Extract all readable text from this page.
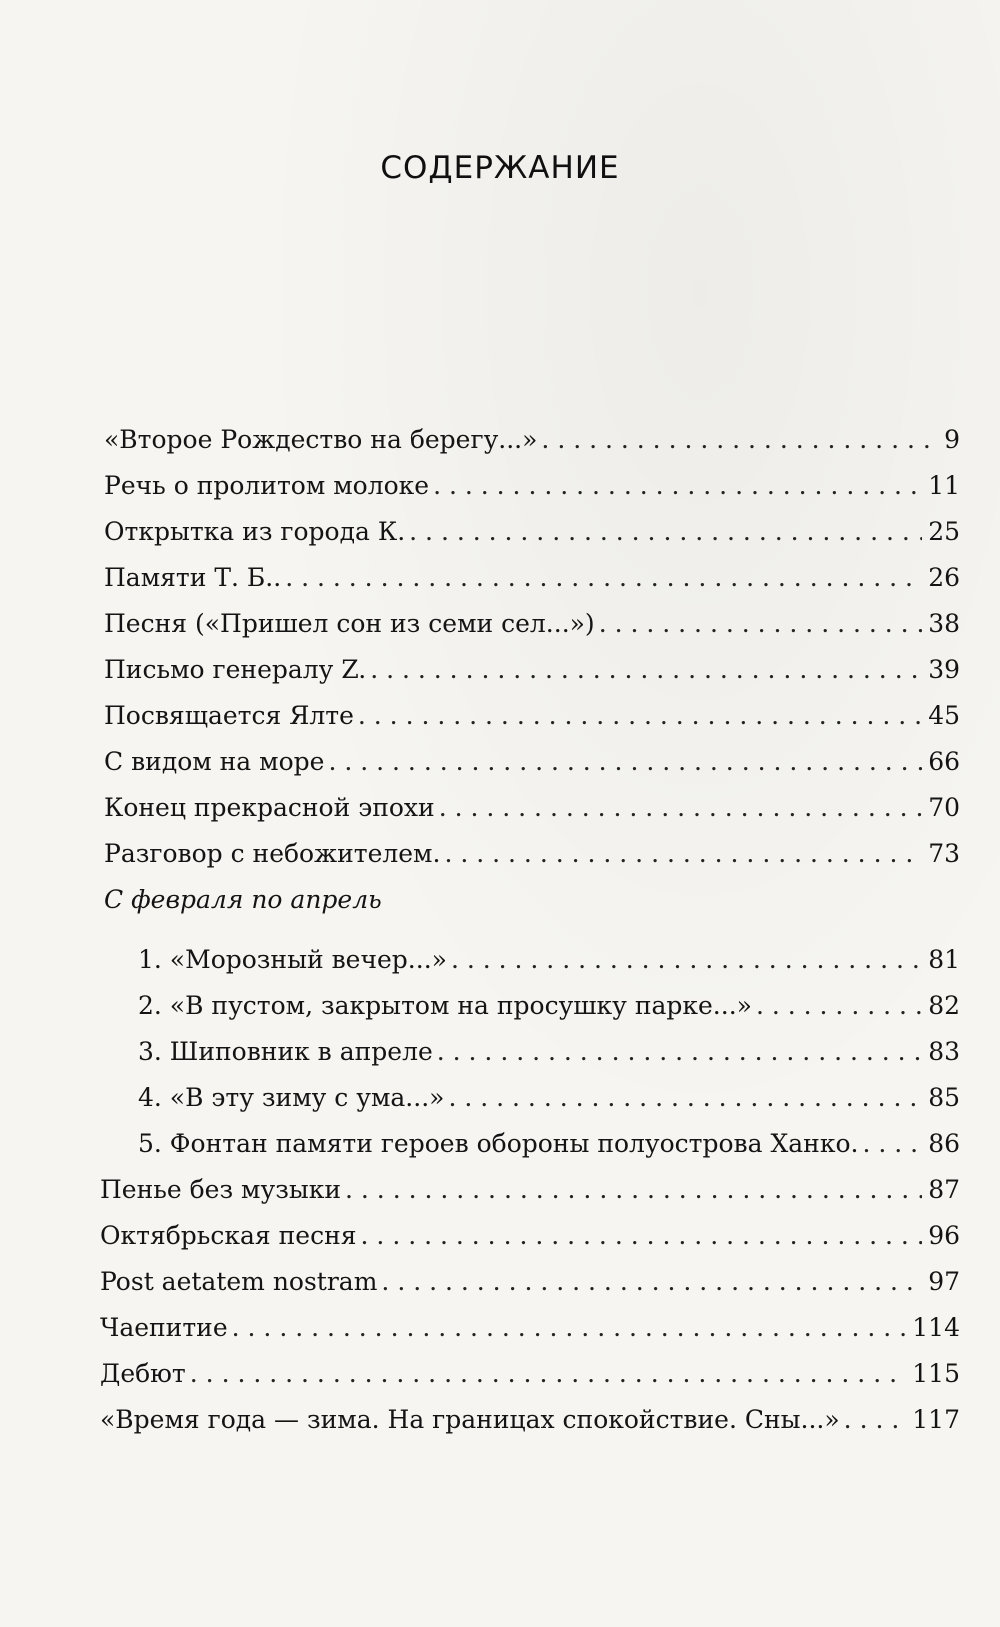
СОДЕРЖАНИЕ
«Второе Рождество на берегу...» . . .	9
Речь о пролитом молоке . . .	11
Открытка из города К. . . .	25
Памяти Т. Б.. . . .	26
Песня («Пришел сон из семи сел...») . . .	38
Письмо генералу Z. . . .	39
Посвящается Ялте . . .	45
С видом на море . . .	66
Конец прекрасной эпохи . . .	70
Разговор с небожителем. . . .	73
С февраля по апрель
1. «Морозный вечер...» . . .	81
2. «В пустом, закрытом на просушку парке...» . . .	82
3. Шиповник в апреле . . .	83
4. «В эту зиму с ума...» . . .	85
5. Фонтан памяти героев обороны полуострова Ханко. . . .	86
Пенье без музыки . . .	87
Октябрьская песня . . .	96
Post aetatem nostram . . .	97
Чаепитие . . .	114
Дебют . . .	115
«Время года — зима. На границах спокойствие. Сны...» . . .	117
